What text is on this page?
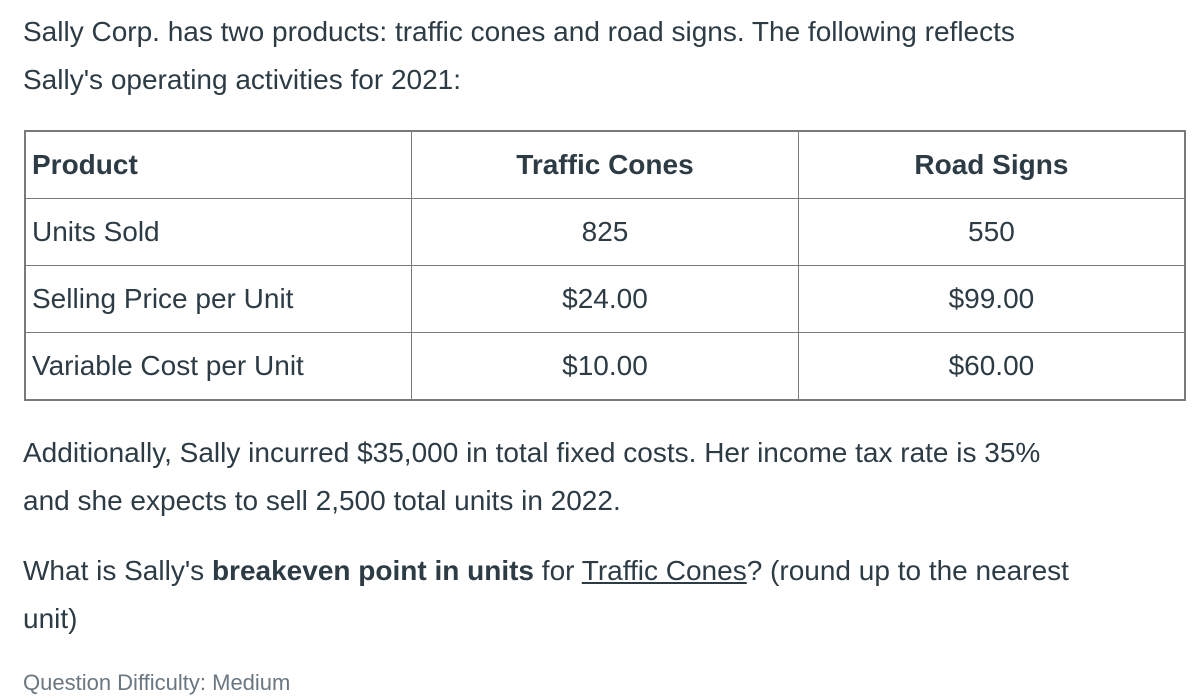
Sally Corp. has two products: traffic cones and road signs. The following reflects
Sally's operating activities for 2021:
Product	Traffic Cones	Road Signs
Units Sold	825	550
Selling Price per Unit	$24.00	$99.00
Variable Cost per Unit	$10.00	$60.00
Additionally, Sally incurred $35,000 in total fixed costs. Her income tax rate is 35%
and she expects to sell 2,500 total units in 2022.
What is Sally's breakeven point in units for Traffic Cones? (round up to the nearest
unit)
Question Difficulty: Medium
